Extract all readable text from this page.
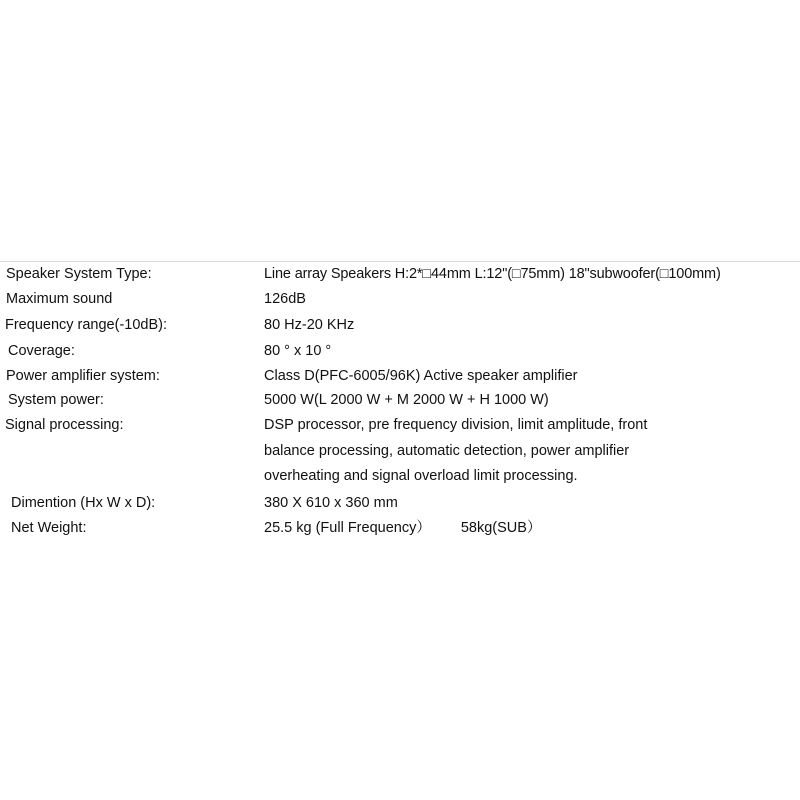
Speaker System Type:	Line array Speakers H:2*□44mm L:12"(□75mm) 18"subwoofer(□100mm)
Maximum sound	126dB
Frequency range(-10dB):	80 Hz-20 KHz
Coverage:	80 ° x 10 °
Power amplifier system:	Class D(PFC-6005/96K) Active speaker amplifier
System power:	5000 W(L 2000 W + M 2000 W + H 1000 W)
Signal processing:	DSP processor, pre frequency division, limit amplitude, front
balance processing, automatic detection, power amplifier
overheating and signal overload limit processing.
Dimention (Hx W x D):	380 X 610 x 360 mm
Net Weight:	25.5 kg (Full Frequency） 58kg(SUB）
